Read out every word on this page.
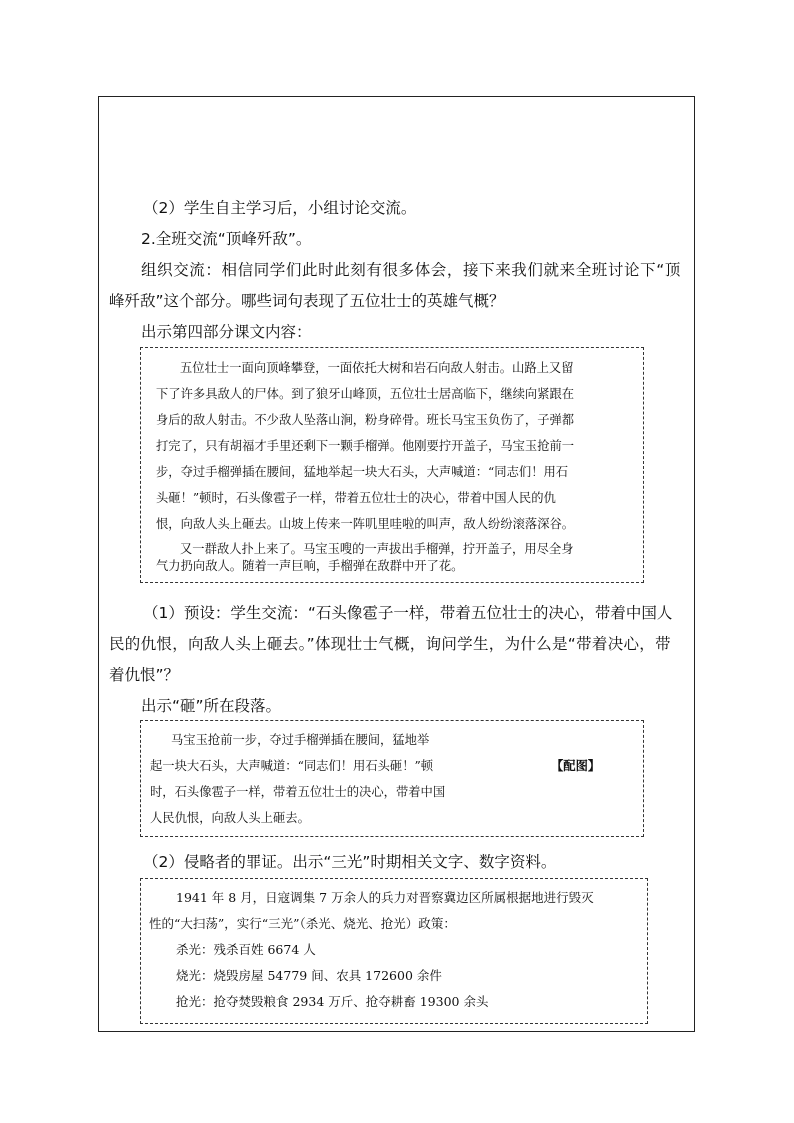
（2）学生自主学习后，小组讨论交流。
2.全班交流“顶峰歼敌”。
组织交流：相信同学们此时此刻有很多体会，接下来我们就来全班讨论下“顶
峰歼敌”这个部分。哪些词句表现了五位壮士的英雄气概？
出示第四部分课文内容：
五位壮士一面向顶峰攀登，一面依托大树和岩石向敌人射击。山路上又留
下了许多具敌人的尸体。到了狼牙山峰顶，五位壮士居高临下，继续向紧跟在
身后的敌人射击。不少敌人坠落山涧，粉身碎骨。班长马宝玉负伤了，子弹都
打完了，只有胡福才手里还剩下一颗手榴弹。他刚要拧开盖子，马宝玉抢前一
步，夺过手榴弹插在腰间，猛地举起一块大石头，大声喊道：“同志们！用石
头砸！”顿时，石头像雹子一样，带着五位壮士的决心，带着中国人民的仇
恨，向敌人头上砸去。山坡上传来一阵叽里哇啦的叫声，敌人纷纷滚落深谷。
又一群敌人扑上来了。马宝玉嗖的一声拔出手榴弹，拧开盖子，用尽全身
气力扔向敌人。随着一声巨响，手榴弹在敌群中开了花。
（1）预设：学生交流：“石头像雹子一样，带着五位壮士的决心，带着中国人
民的仇恨，向敌人头上砸去。”体现壮士气概，询问学生，为什么是“带着决心，带
着仇恨”？
出示“砸”所在段落。
马宝玉抢前一步，夺过手榴弹插在腰间，猛地举
起一块大石头，大声喊道：“同志们！用石头砸！”顿
时，石头像雹子一样，带着五位壮士的决心，带着中国
人民仇恨，向敌人头上砸去。
【配图】
（2）侵略者的罪证。出示“三光”时期相关文字、数字资料。
1941 年 8 月，日寇调集 7 万余人的兵力对晋察冀边区所属根据地进行毁灭
性的“大扫荡”，实行“三光”（杀光、烧光、抢光）政策：
杀光：残杀百姓 6674 人
烧光：烧毁房屋 54779 间、农具 172600 余件
抢光：抢夺焚毁粮食 2934 万斤、抢夺耕畜 19300 余头
